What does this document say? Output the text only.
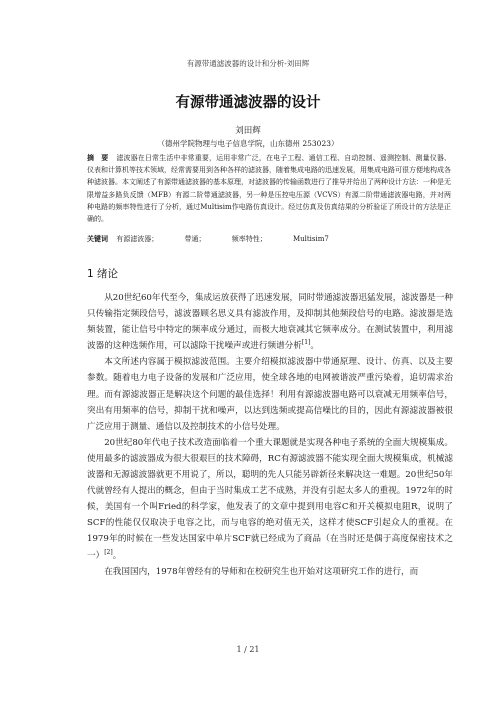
有源带通滤波器的设计和分析-刘田辉
有源带通滤波器的设计
刘田辉
（德州学院物理与电子信息学院，山东德州 253023）
摘　要 滤波器在日常生活中非常重要，运用非常广泛，在电子工程、通信工程、自动控制、遥测控制、测量仪器、仪表和计算机等技术领域，经常需要用到各种各样的滤波器，随着集成电路的迅速发展，用集成电路可很方便地构成各种滤波器。本文阐述了有源带通滤波器的基本原理，对滤波器的传输函数进行了推导并给出了两种设计方法：一种是无限增益多路负反馈（MFB）有源二阶带通滤波器，另一种是压控电压源（VCVS）有源二阶带通滤波器电路，并对两种电路的频率特性进行了分析，通过Multisim作电路仿真设计。经过仿真及仿真结果的分析验证了所设计的方法是正确的。
关键词 有源滤波器；	带通；	频率特性；	Multisim7
1 绪论

从20世纪60年代至今，集成运放获得了迅速发展，同时带通滤波器迅猛发展，滤波器是一种只传输指定频段信号，滤波器顾名思义具有滤波作用，及抑制其他频段信号的电路。滤波器是选频装置，能让信号中特定的频率成分通过，而极大地衰减其它频率成分。在测试装置中，利用滤波器的这种选频作用，可以滤除干扰噪声或进行频谱分析[1]。

本文所述内容属于模拟滤波范围。主要介绍模拟滤波器中带通原理、设计、仿真、以及主要参数。随着电力电子设备的发展和广泛应用，使全球各地的电网被谐波严重污染着，追切需求治理。而有源滤波器正是解决这个问题的最佳选择！利用有源滤波器电路可以衰减无用频率信号，突出有用频率的信号，抑制干扰和噪声，以达到选频或提高信噪比的目的，因此有源滤波器被很广泛应用于测量、通信以及控制技术的小信号处理。

20世纪80年代电子技术改造面临着一个重大课题就是实现各种电子系统的全面大规模集成。使用最多的滤波器成为很大很艰巨的技术障碍，RC有源滤波器不能实现全面大规模集成，机械滤波器和无源滤波器就更不用说了，所以，聪明的先人只能另辟新径来解决这一难题。20世纪50年代就曾经有人提出的概念，但由于当时集成工艺不成熟，并没有引起太多人的重视。1972年的时候，美国有一个叫Fried的科学家，他发表了的文章中提到用电容C和开关模拟电阻R，说明了SCF的性能仅仅取决于电容之比，而与电容的绝对值无关，这样才使SCF引起众人的重视。在1979年的时候在一些发达国家中单片SCF就已经成为了商品（在当时还是偶于高度保密技术之一）[2]。

在我国国内，1978年曾经有的导师和在校研究生也开始对这项研究工作的进行，而

1 / 21
